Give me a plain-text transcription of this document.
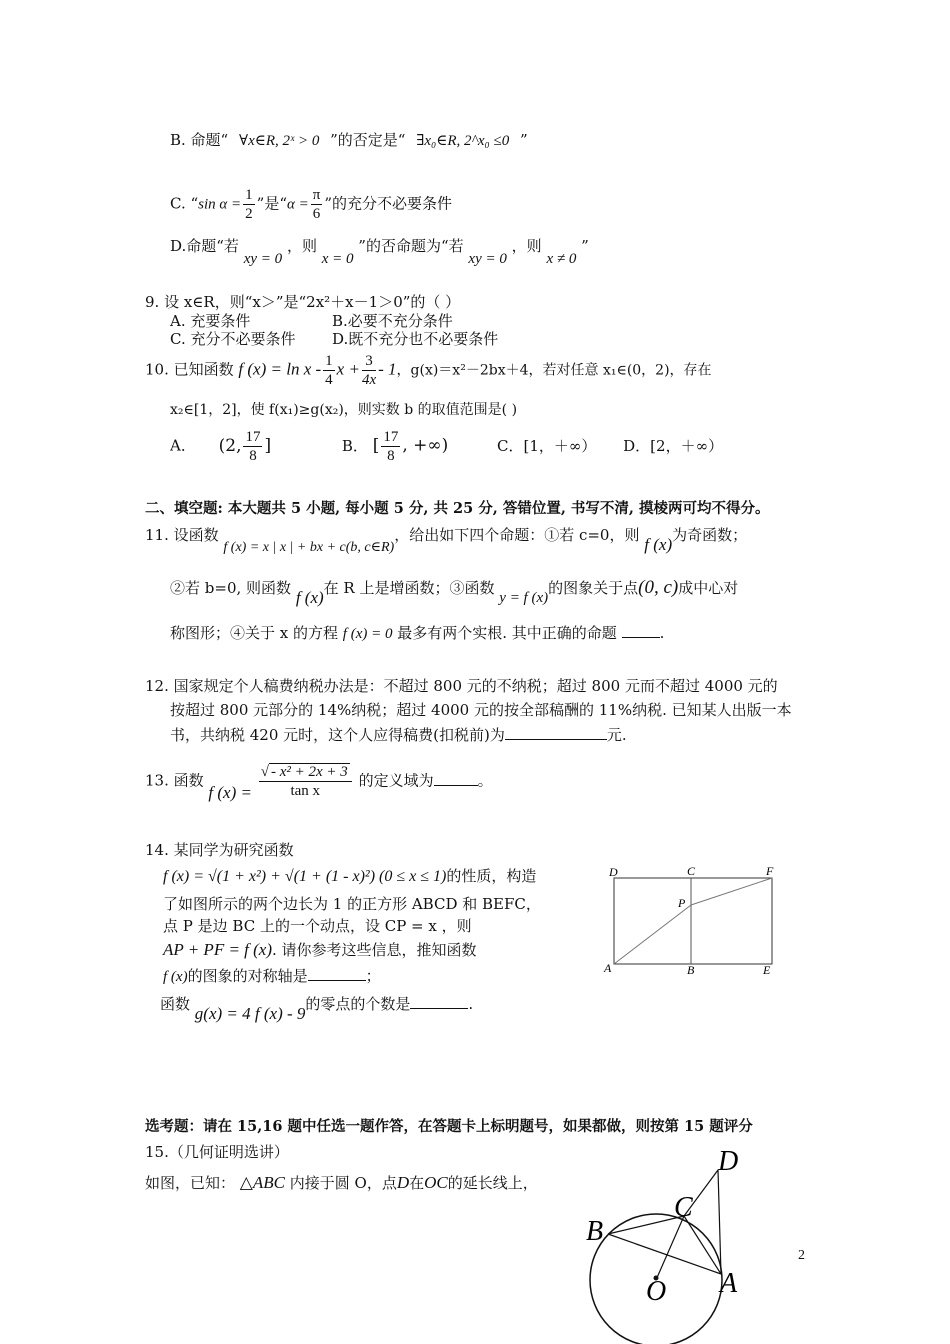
B. 命题“ ∀x∈R, 2ˣ > 0 ”的否定是“ ∃x₀∈R, 2^x₀ ≤0 ”
C. “sin $\alpha = \frac{1}{2}$ ”是“$\alpha = \frac{\pi}{6}$ ”的充分不必要条件
D.命题“若 xy = 0 ，则 x = 0 ”的否命题为“若 xy = 0 ，则 x ≠ 0 ”
9. 设 x∈R，则“x＞”是“2x²＋x－1＞0”的（ ）
A. 充要条件	B.必要不充分条件
C. 充分不必要条件 D.既不充分也不必要条件
10. 已知函数 f $(x) = \ln x - \frac{1}{4}$ $x + \frac{3}{4x} - 1$，g(x)＝x²－2bx＋4，若对任意 x₁∈(0，2)，存在
x₂∈[1，2]，使 f(x₁)≥g(x₂)，则实数 b 的取值范围是( )
A． (2, $\frac{17}{8}$ ]	B． [ $\frac{17}{8}$ , +∞)	C．[1，＋∞） D．[2，＋∞）
二、填空题: 本大题共 5 小题, 每小题 5 分, 共 25 分, 答错位置, 书写不清, 摸棱两可均不得分。
11. 设函数 f (x) = x | x | + bx + c(b, c∈R)，给出如下四个命题：①若 c=0，则 f (x)为奇函数；
②若 b=0, 则函数 f (x)在 R 上是增函数；③函数 y = f (x)的图象关于点(0, c)成中心对
称图形；④关于 x 的方程 f (x) = 0 最多有两个实根. 其中正确的命题	.
12. 国家规定个人稿费纳税办法是：不超过 800 元的不纳税；超过 800 元而不超过 4000 元的
按超过 800 元部分的 14%纳税；超过 4000 元的按全部稿酬的 11%纳税. 已知某人出版一本
书，共纳税 420 元时，这个人应得稿费(扣税前)为	元.
13. 函数 f $(x) = \frac{\text{√ - x² + 2x + 3}}{\text{tan x}}$ 的定义域为	。
14. 某同学为研究函数
f (x) = √(1 + x²) + √(1 + (1 - x)²) (0 ≤ x ≤ 1)的性质，构造
了如图所示的两个边长为 1 的正方形 ABCD 和 BEFC，
点 P 是边 BC 上的一个动点，设 CP = x ，则
AP + PF = f (x). 请你参考这些信息，推知函数
f (x)的图象的对称轴是	；
函数 g(x) = 4 f (x) - 9的零点的个数是	.
D	C	F
P
A	B	E
选考题：请在 15,16 题中任选一题作答，在答题卡上标明题号，如果都做，则按第 15 题评分
15.（几何证明选讲）
如图，已知： △ABC 内接于圆 O，点D在OC的延长线上，
D
C
B
A
O
2
